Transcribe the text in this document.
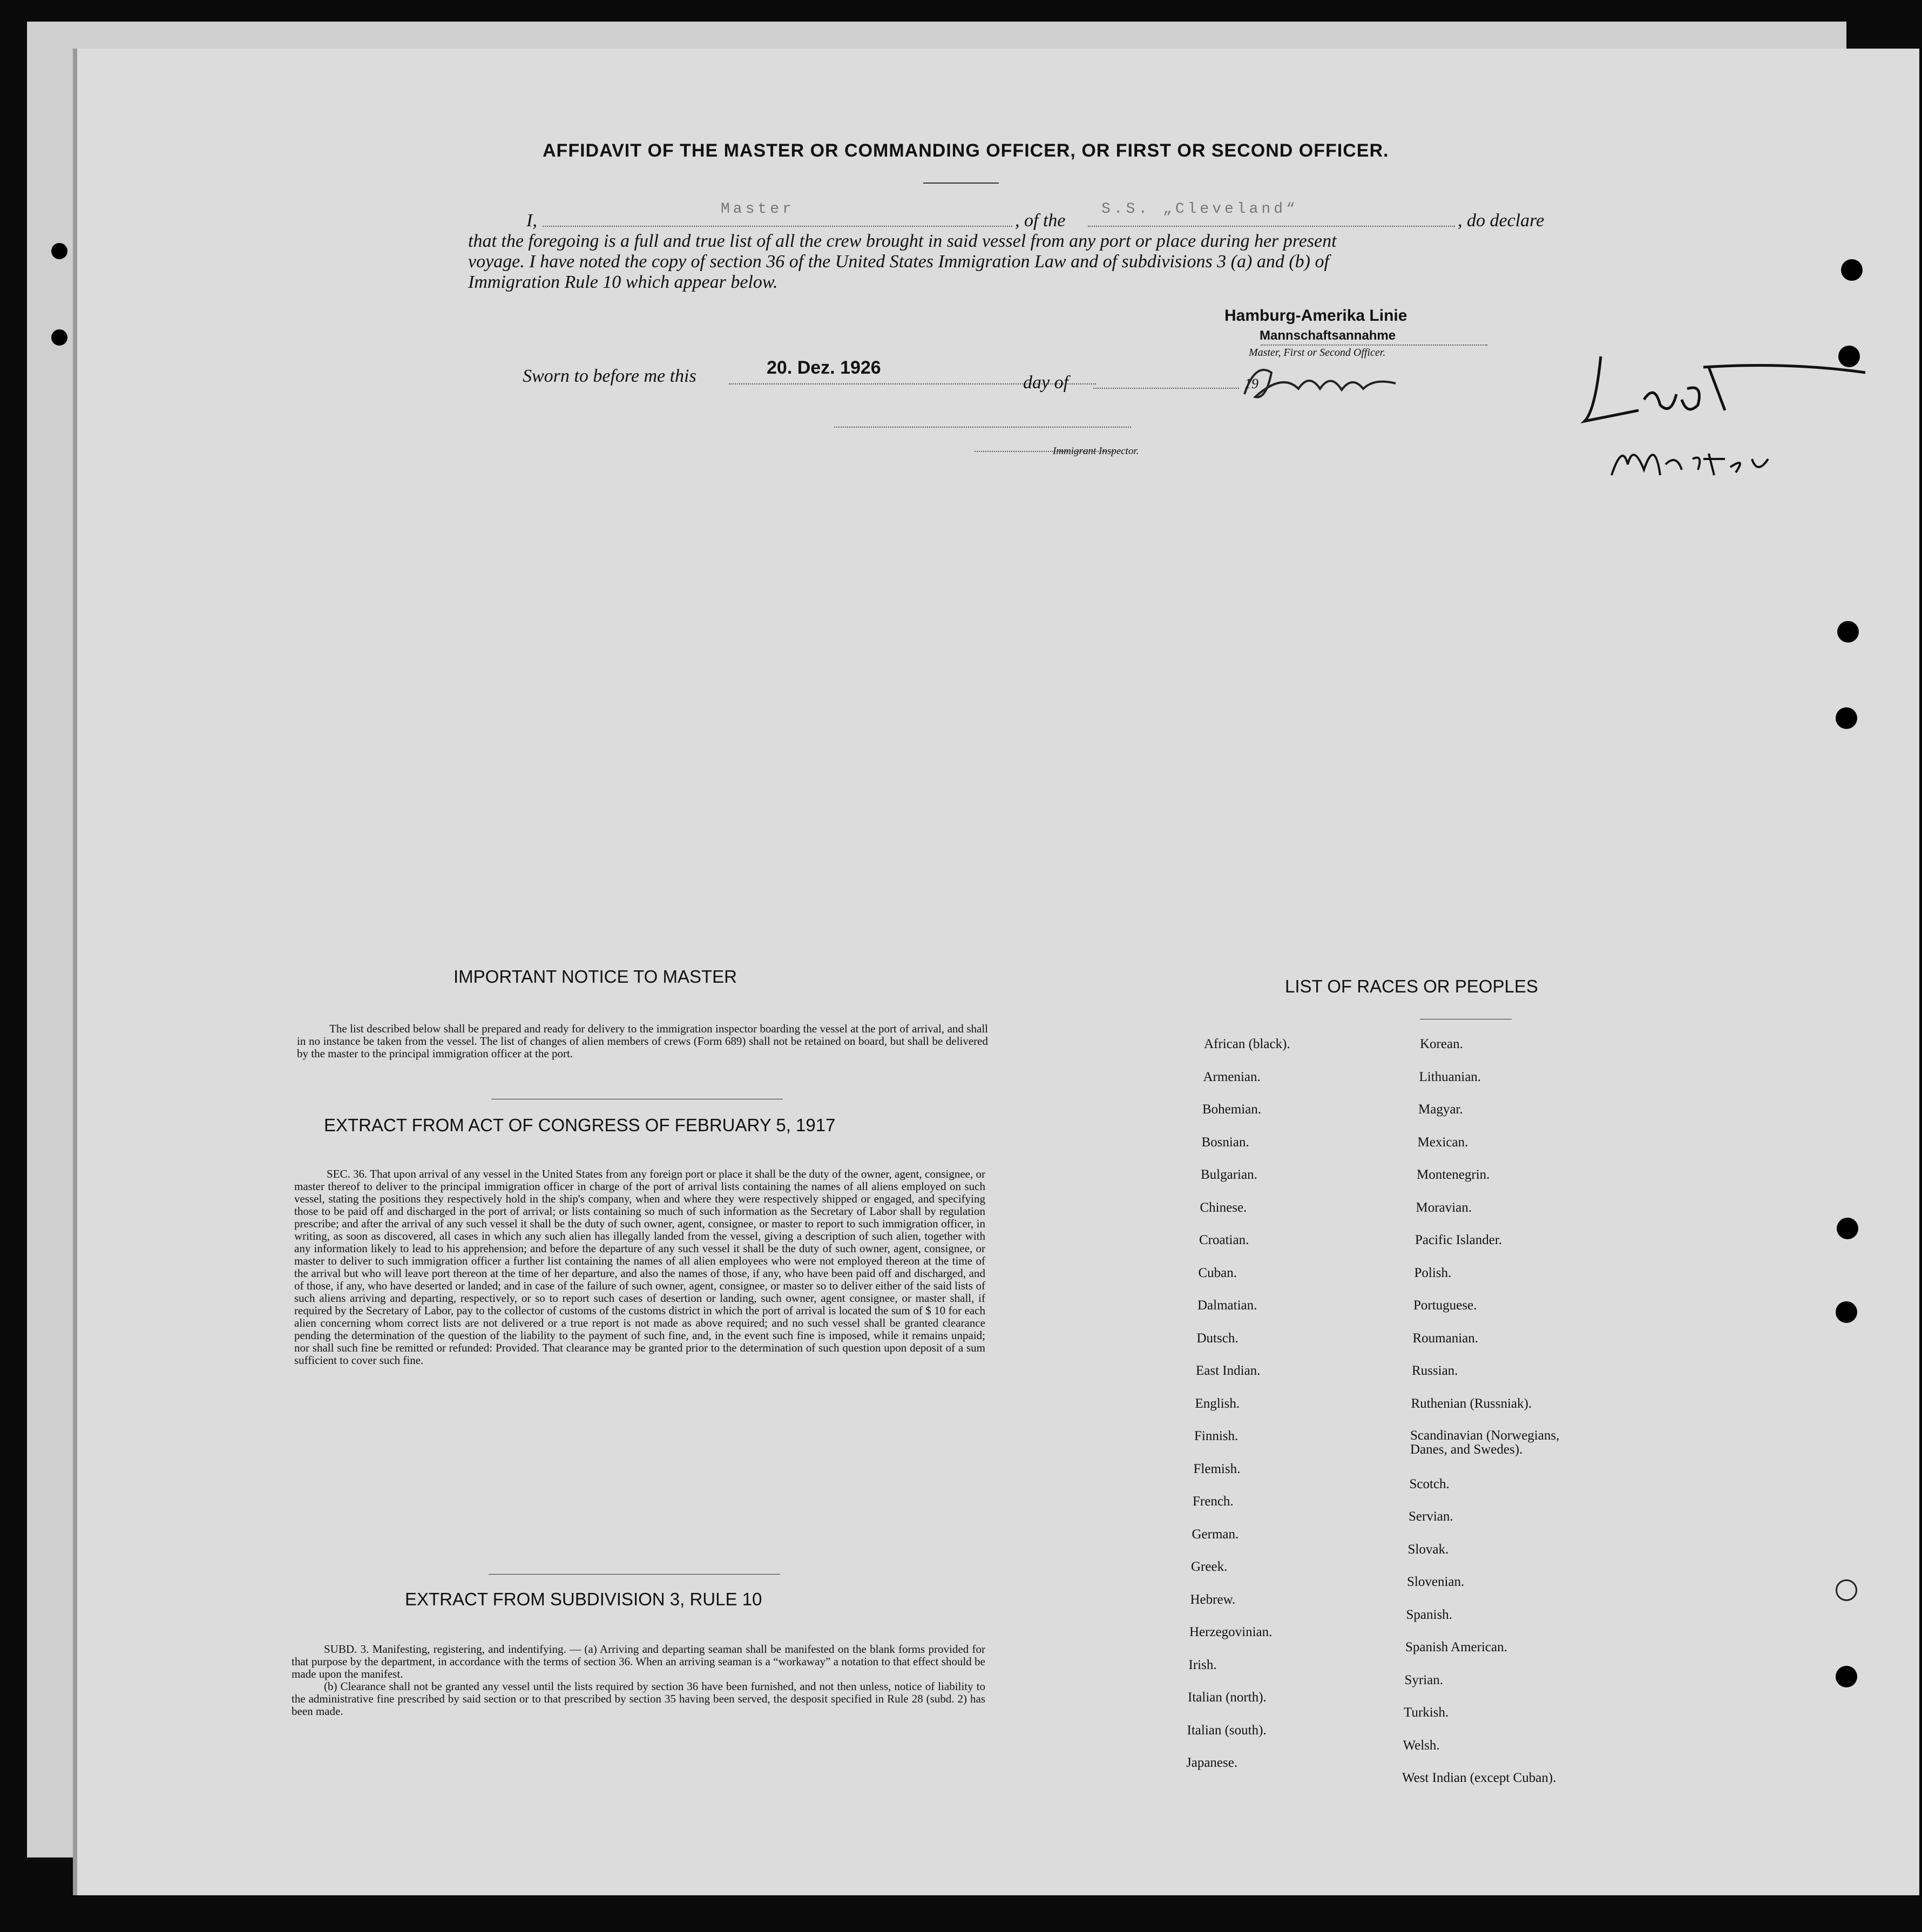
AFFIDAVIT OF THE MASTER OR COMMANDING OFFICER, OR FIRST OR SECOND OFFICER.
I,
Master
, of the
S.S. „Cleveland“
, do declare
that the foregoing is a full and true list of all the crew brought in said vessel from any port or place during her present
voyage. I have noted the copy of section 36 of the United States Immigration Law and of subdivisions 3 (a) and (b) of
Immigration Rule 10 which appear below.
Hamburg-Amerika Linie
Mannschaftsannahme
Master, First or Second Officer.
Sworn to before me this	20. Dez. 1926
day of	19
Immigrant Inspector.
IMPORTANT NOTICE TO MASTER

The list described below shall be prepared and ready for delivery to the immigration inspector boarding the vessel at the port of arrival, and shall in no instance be taken from the vessel. The list of changes of alien members of crews (Form 689) shall not be retained on board, but shall be delivered by the master to the principal immigration officer at the port.

EXTRACT FROM ACT OF CONGRESS OF FEBRUARY 5, 1917

SEC. 36. That upon arrival of any vessel in the United States from any foreign port or place it shall be the duty of the owner, agent, consignee, or master thereof to deliver to the principal immigration officer in charge of the port of arrival lists containing the names of all aliens employed on such vessel, stating the positions they respectively hold in the ship's company, when and where they were respectively shipped or engaged, and specifying those to be paid off and discharged in the port of arrival; or lists containing so much of such information as the Secretary of Labor shall by regulation prescribe; and after the arrival of any such vessel it shall be the duty of such owner, agent, consignee, or master to report to such immigration officer, in writing, as soon as discovered, all cases in which any such alien has illegally landed from the vessel, giving a description of such alien, together with any information likely to lead to his apprehension; and before the departure of any such vessel it shall be the duty of such owner, agent, consignee, or master to deliver to such immigration officer a further list containing the names of all alien employees who were not employed thereon at the time of the arrival but who will leave port thereon at the time of her departure, and also the names of those, if any, who have been paid off and discharged, and of those, if any, who have deserted or landed; and in case of the failure of such owner, agent, consignee, or master so to deliver either of the said lists of such aliens arriving and departing, respectively, or so to report such cases of desertion or landing, such owner, agent consignee, or master shall, if required by the Secretary of Labor, pay to the collector of customs of the customs district in which the port of arrival is located the sum of $ 10 for each alien concerning whom correct lists are not delivered or a true report is not made as above required; and no such vessel shall be granted clearance pending the determination of the question of the liability to the payment of such fine, and, in the event such fine is imposed, while it remains unpaid; nor shall such fine be remitted or refunded: Provided. That clearance may be granted prior to the determination of such question upon deposit of a sum sufficient to cover such fine.

EXTRACT FROM SUBDIVISION 3, RULE 10

SUBD. 3. Manifesting, registering, and indentifying. — (a) Arriving and departing seaman shall be manifested on the blank forms provided for that purpose by the department, in accordance with the terms of section 36. When an arriving seaman is a “workaway” a notation to that effect should be made upon the manifest.

(b) Clearance shall not be granted any vessel until the lists required by section 36 have been furnished, and not then unless, notice of liability to the administrative fine prescribed by said section or to that prescribed by section 35 having been served, the desposit specified in Rule 28 (subd. 2) has been made.

LIST OF RACES OR PEOPLES
African (black).
Armenian.
Bohemian.
Bosnian.
Bulgarian.
Chinese.
Croatian.
Cuban.
Dalmatian.
Dutsch.
East Indian.
English.
Finnish.
Flemish.
French.
German.
Greek.
Hebrew.
Herzegovinian.
Irish.
Italian (north).
Italian (south).
Japanese.
Korean.
Lithuanian.
Magyar.
Mexican.
Montenegrin.
Moravian.
Pacific Islander.
Polish.
Portuguese.
Roumanian.
Russian.
Ruthenian (Russniak).
Scandinavian (Norwegians, Danes, and Swedes).
Scotch.
Servian.
Slovak.
Slovenian.
Spanish.
Spanish American.
Syrian.
Turkish.
Welsh.
West Indian (except Cuban).
